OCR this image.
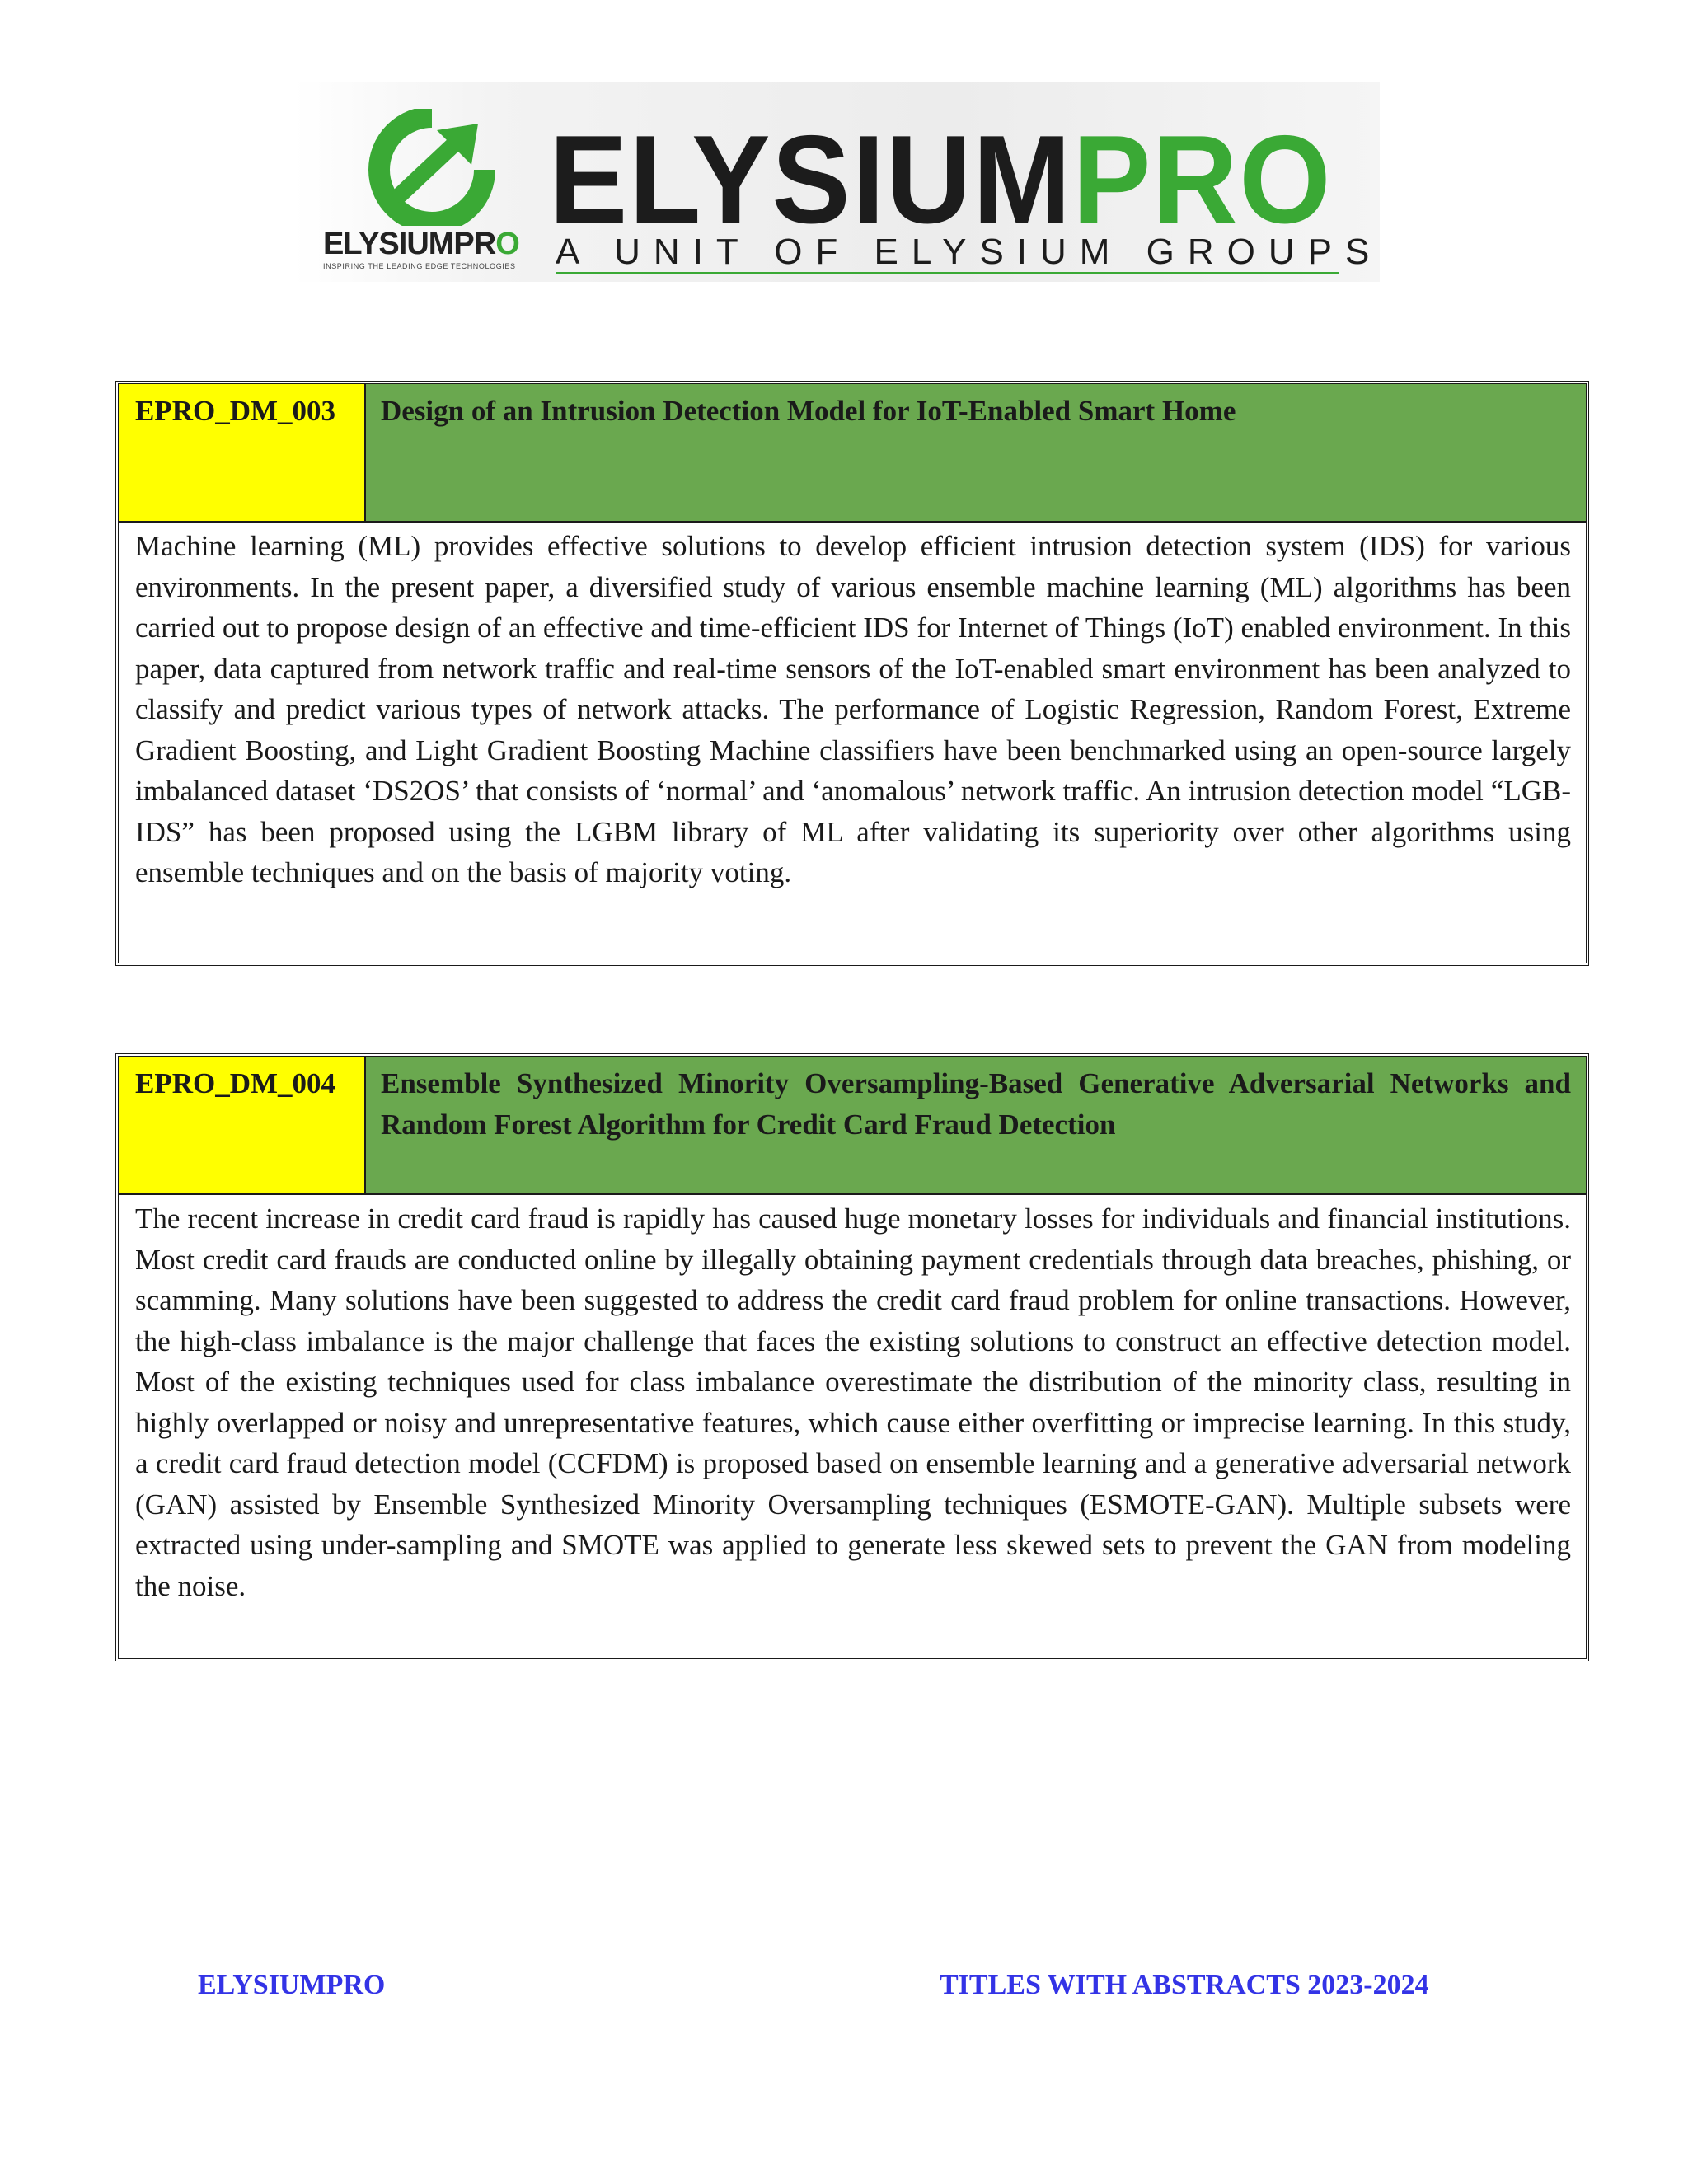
ELYSIUMPRO
INSPIRING THE LEADING EDGE TECHNOLOGIES
ELYSIUMPRO
A UNIT OF ELYSIUM GROUPS
EPRO_DM_003	Design of an Intrusion Detection Model for IoT-Enabled Smart Home
Machine learning (ML) provides effective solutions to develop efficient intrusion detection system (IDS) for various environments. In the present paper, a diversified study of various ensemble machine learning (ML) algorithms has been carried out to propose design of an effective and time-efficient IDS for Internet of Things (IoT) enabled environment. In this paper, data captured from network traffic and real-time sensors of the IoT-enabled smart environment has been analyzed to classify and predict various types of network attacks. The performance of Logistic Regression, Random Forest, Extreme Gradient Boosting, and Light Gradient Boosting Machine classifiers have been benchmarked using an open-source largely imbalanced dataset ‘DS2OS’ that consists of ‘normal’ and ‘anomalous’ network traffic. An intrusion detection model “LGB-IDS” has been proposed using the LGBM library of ML after validating its superiority over other algorithms using ensemble techniques and on the basis of majority voting.
EPRO_DM_004	Ensemble Synthesized Minority Oversampling-Based Generative Adversarial Networks and Random Forest Algorithm for Credit Card Fraud Detection
The recent increase in credit card fraud is rapidly has caused huge monetary losses for individuals and financial institutions. Most credit card frauds are conducted online by illegally obtaining payment credentials through data breaches, phishing, or scamming. Many solutions have been suggested to address the credit card fraud problem for online transactions. However, the high-class imbalance is the major challenge that faces the existing solutions to construct an effective detection model. Most of the existing techniques used for class imbalance overestimate the distribution of the minority class, resulting in highly overlapped or noisy and unrepresentative features, which cause either overfitting or imprecise learning. In this study, a credit card fraud detection model (CCFDM) is proposed based on ensemble learning and a generative adversarial network (GAN) assisted by Ensemble Synthesized Minority Oversampling techniques (ESMOTE-GAN). Multiple subsets were extracted using under-sampling and SMOTE was applied to generate less skewed sets to prevent the GAN from modeling the noise.
ELYSIUMPRO	TITLES WITH ABSTRACTS 2023-2024
